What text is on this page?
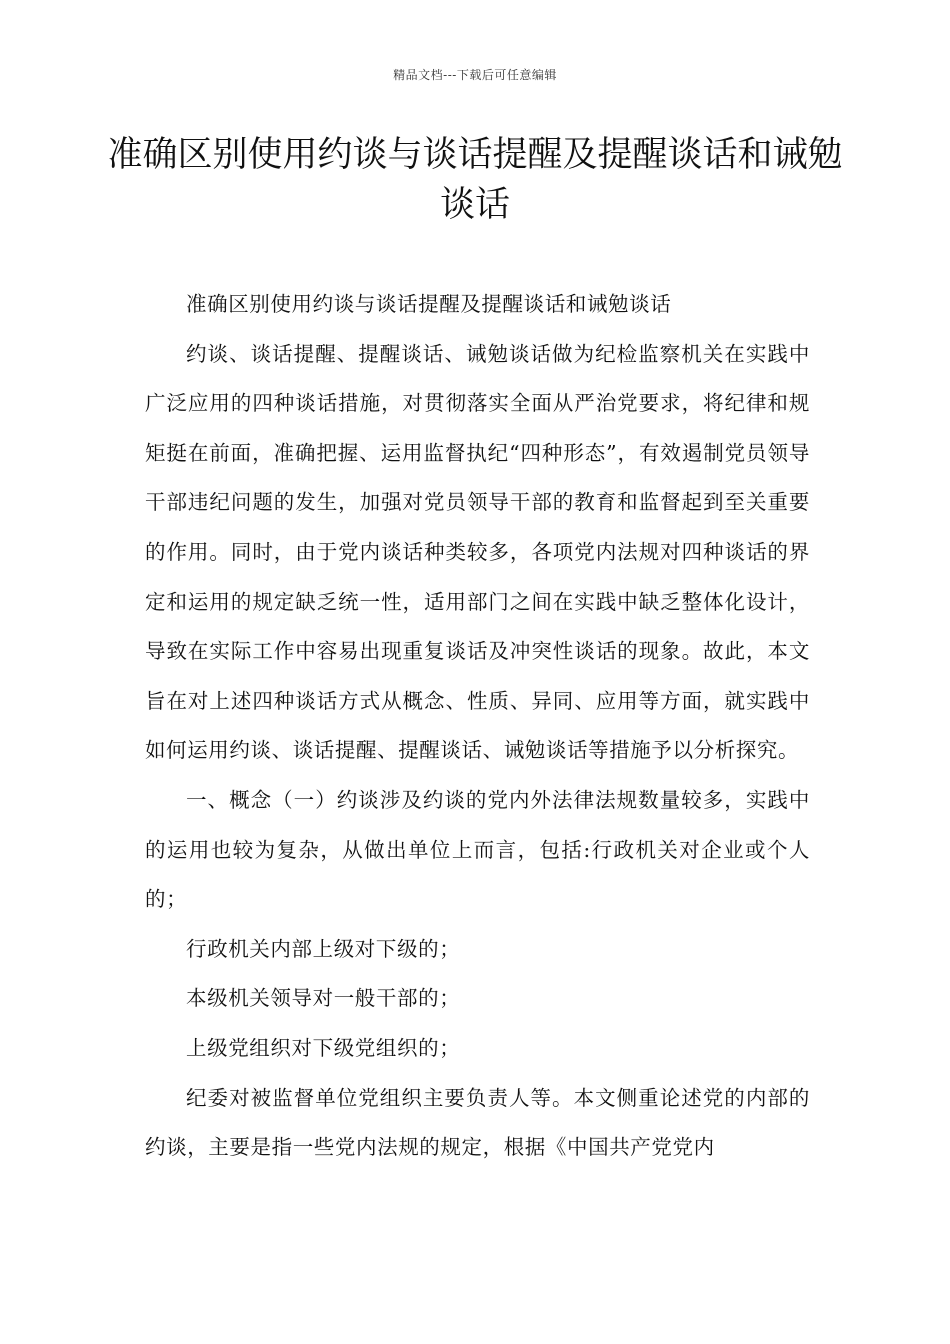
精品文档---下载后可任意编辑
准确区别使用约谈与谈话提醒及提醒谈话和诫勉谈话

准确区别使用约谈与谈话提醒及提醒谈话和诫勉谈话

约谈、谈话提醒、提醒谈话、诫勉谈话做为纪检监察机关在实践中广泛应用的四种谈话措施，对贯彻落实全面从严治党要求，将纪律和规矩挺在前面，准确把握、运用监督执纪“四种形态”，有效遏制党员领导干部违纪问题的发生，加强对党员领导干部的教育和监督起到至关重要的作用。同时，由于党内谈话种类较多，各项党内法规对四种谈话的界定和运用的规定缺乏统一性，适用部门之间在实践中缺乏整体化设计，导致在实际工作中容易出现重复谈话及冲突性谈话的现象。故此，本文旨在对上述四种谈话方式从概念、性质、异同、应用等方面，就实践中如何运用约谈、谈话提醒、提醒谈话、诫勉谈话等措施予以分析探究。

一、概念（一）约谈涉及约谈的党内外法律法规数量较多，实践中的运用也较为复杂，从做出单位上而言，包括:行政机关对企业或个人的；

行政机关内部上级对下级的；

本级机关领导对一般干部的；

上级党组织对下级党组织的；

纪委对被监督单位党组织主要负责人等。本文侧重论述党的内部的约谈，主要是指一些党内法规的规定，根据《中国共产党党内
